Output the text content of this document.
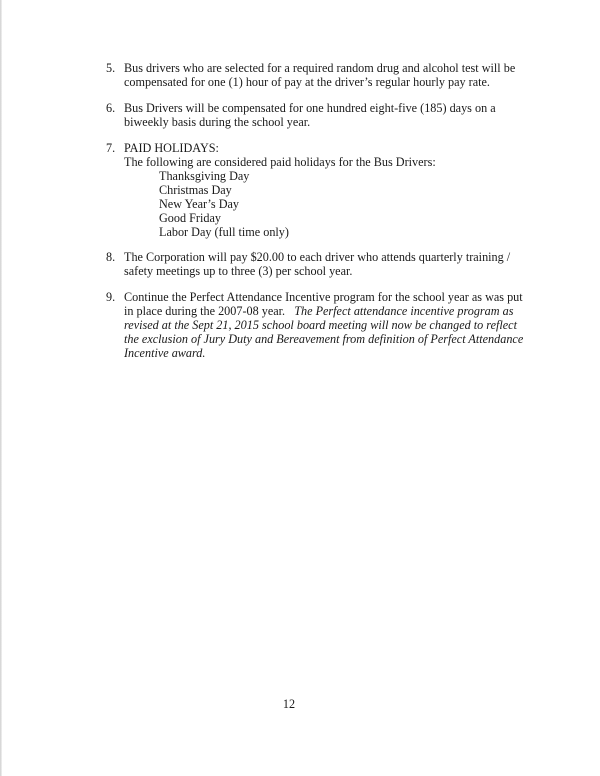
5. Bus drivers who are selected for a required random drug and alcohol test will be
compensated for one (1) hour of pay at the driver’s regular hourly pay rate.
6. Bus Drivers will be compensated for one hundred eight-five (185) days on a
biweekly basis during the school year.
7. PAID HOLIDAYS:
The following are considered paid holidays for the Bus Drivers:
Thanksgiving Day
Christmas Day
New Year’s Day
Good Friday
Labor Day (full time only)
8. The Corporation will pay $20.00 to each driver who attends quarterly training /
safety meetings up to three (3) per school year.
9. Continue the Perfect Attendance Incentive program for the school year as was put
in place during the 2007-08 year. The Perfect attendance incentive program as
revised at the Sept 21, 2015 school board meeting will now be changed to reflect
the exclusion of Jury Duty and Bereavement from definition of Perfect Attendance
Incentive award.
12
